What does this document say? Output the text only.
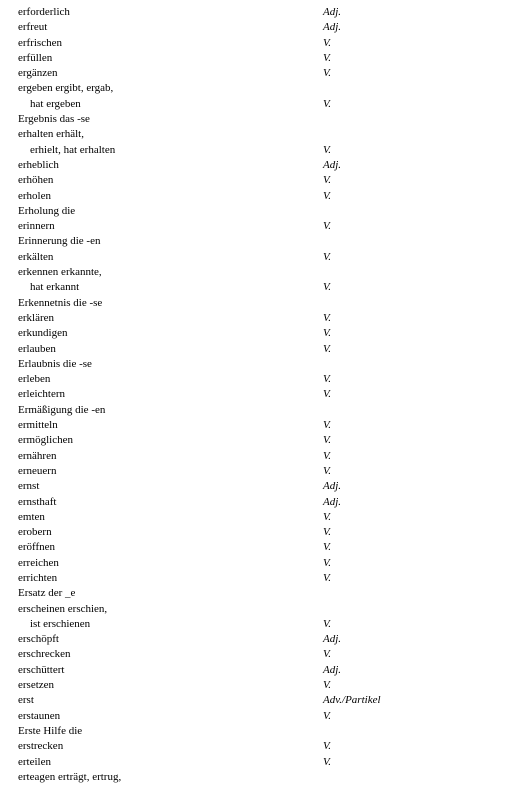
erforderlich	Adj.
erfreut	Adj.
erfrischen	V.
erfüllen	V.
ergänzen	V.
ergeben ergibt, ergab,
hat ergeben	V.
Ergebnis das -se
erhalten erhält,
erhielt, hat erhalten	V.
erheblich	Adj.
erhöhen	V.
erholen	V.
Erholung die
erinnern	V.
Erinnerung die -en
erkälten	V.
erkennen erkannte,
hat erkannt	V.
Erkennetnis die -se
erklären	V.
erkundigen	V.
erlauben	V.
Erlaubnis die -se
erleben	V.
erleichtern	V.
Ermäßigung die -en
ermitteln	V.
ermöglichen	V.
ernähren	V.
erneuern	V.
ernst	Adj.
ernsthaft	Adj.
emten	V.
erobern	V.
eröffnen	V.
erreichen	V.
errichten	V.
Ersatz der _e
erscheinen erschien,
ist erschienen	V.
erschöpft	Adj.
erschrecken	V.
erschüttert	Adj.
ersetzen	V.
erst	Adv./Partikel
erstaunen	V.
Erste Hilfe die
erstrecken	V.
erteilen	V.
erteagen erträgt, ertrug,
